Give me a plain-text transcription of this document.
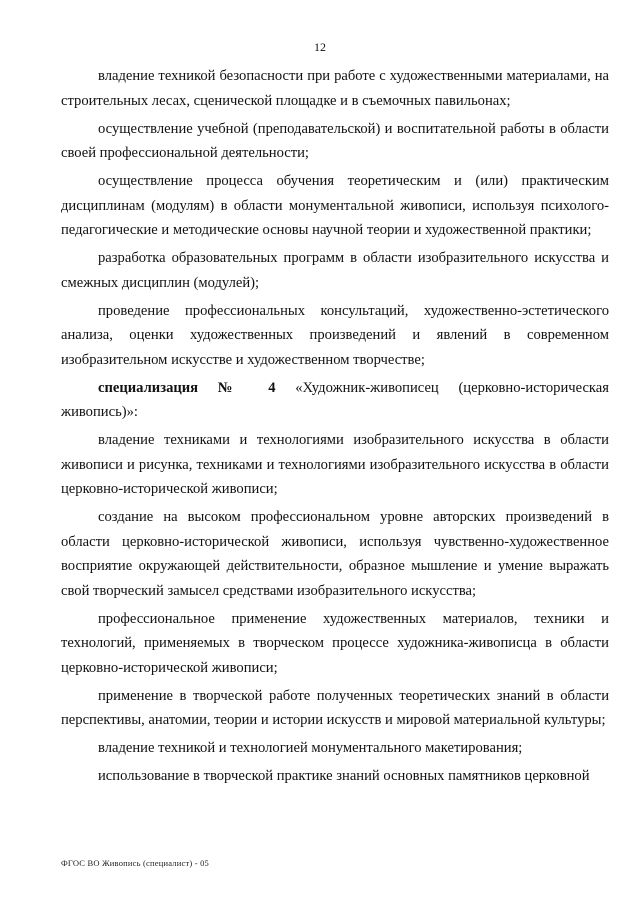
12

владение техникой безопасности при работе с художественными материалами, на строительных лесах, сценической площадке и в съемочных павильонах;

осуществление учебной (преподавательской) и воспитательной работы в области своей профессиональной деятельности;

осуществление процесса обучения теоретическим и (или) практическим дисциплинам (модулям) в области монументальной живописи, используя психолого-педагогические и методические основы научной теории и художественной практики;

разработка образовательных программ в области изобразительного искусства и смежных дисциплин (модулей);

проведение профессиональных консультаций, художественно-эстетического анализа, оценки художественных произведений и явлений в современном изобразительном искусстве и художественном творчестве;

специализация № 4 «Художник-живописец (церковно-историческая живопись)»:

владение техниками и технологиями изобразительного искусства в области живописи и рисунка, техниками и технологиями изобразительного искусства в области церковно-исторической живописи;

создание на высоком профессиональном уровне авторских произведений в области церковно-исторической живописи, используя чувственно-художественное восприятие окружающей действительности, образное мышление и умение выражать свой творческий замысел средствами изобразительного искусства;

профессиональное применение художественных материалов, техники и технологий, применяемых в творческом процессе художника-живописца в области церковно-исторической живописи;

применение в творческой работе полученных теоретических знаний в области перспективы, анатомии, теории и истории искусств и мировой материальной культуры;

владение техникой и технологией монументального макетирования;

использование в творческой практике знаний основных памятников церковной

ФГОС ВО Живопись (специалист) - 05
